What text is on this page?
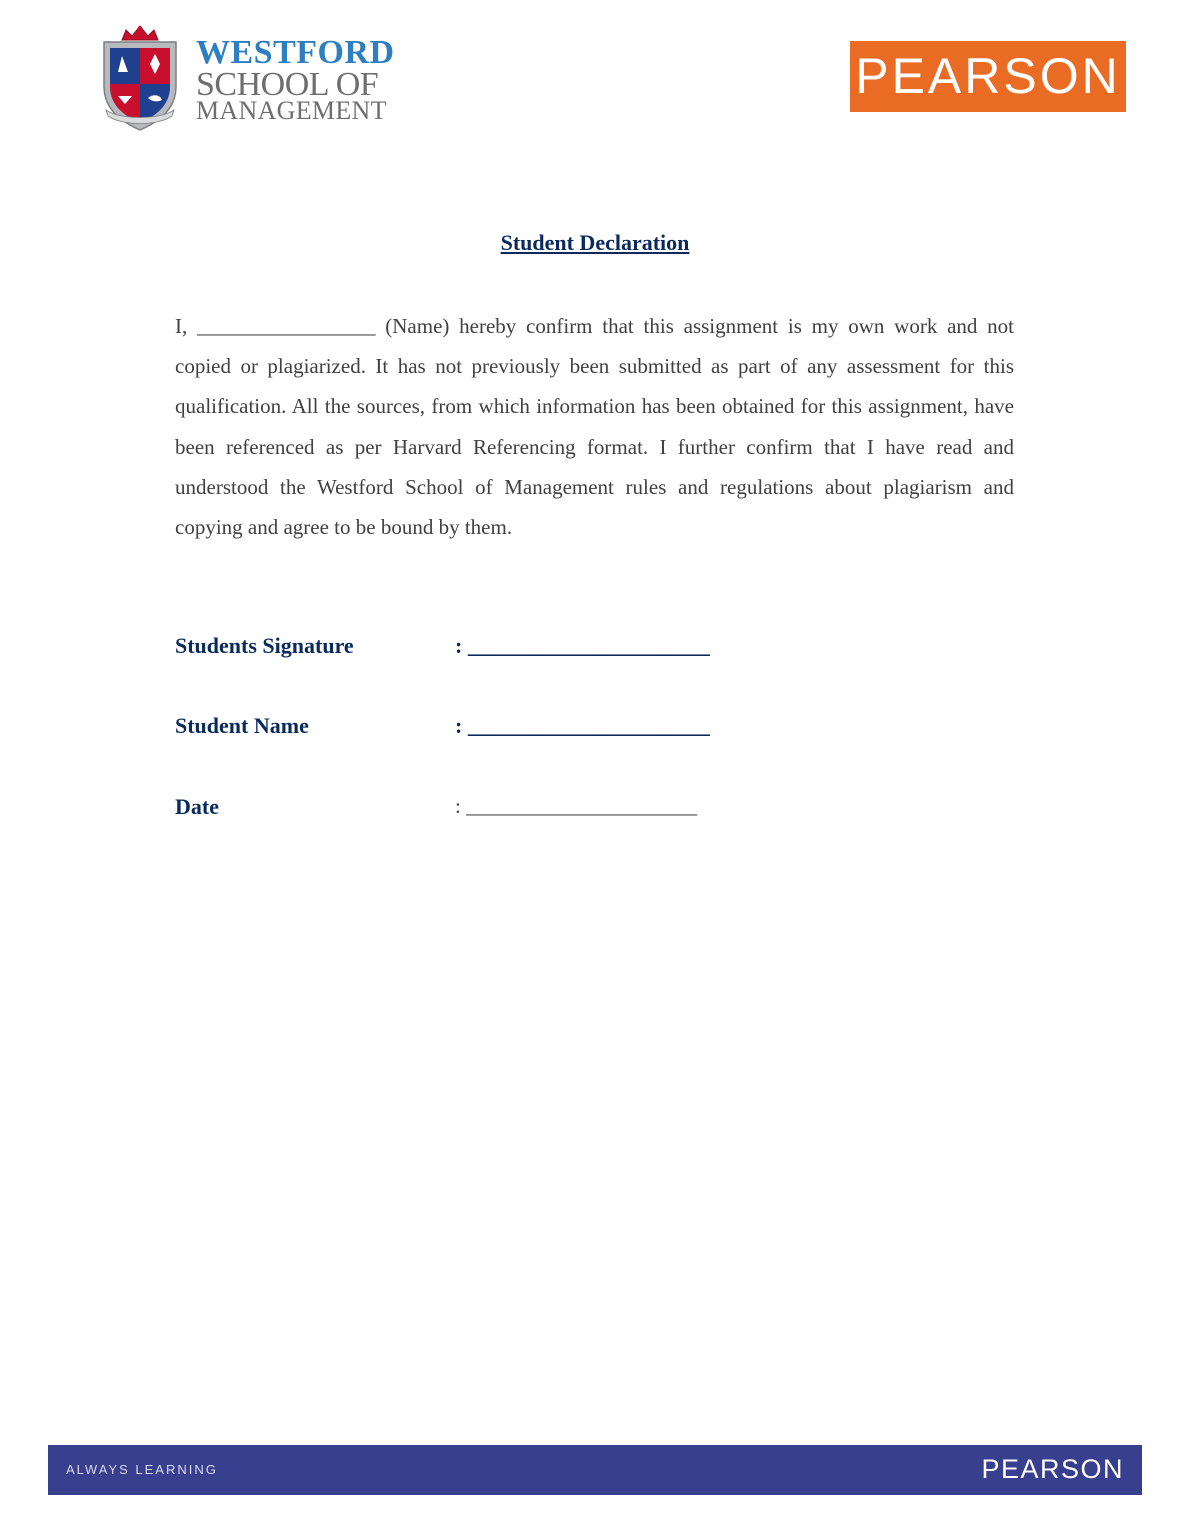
WESTFORD
SCHOOL OF
MANAGEMENT
PEARSON
Student Declaration

I, _________________ (Name) hereby confirm that this assignment is my own work and not copied or plagiarized. It has not previously been submitted as part of any assessment for this qualification. All the sources, from which information has been obtained for this assignment, have been referenced as per Harvard Referencing format. I further confirm that I have read and understood the Westford School of Management rules and regulations about plagiarism and copying and agree to be bound by them.

Students Signature	: ______________________
Student Name	: ______________________
Date	: ______________________
ALWAYS LEARNING	PEARSON
